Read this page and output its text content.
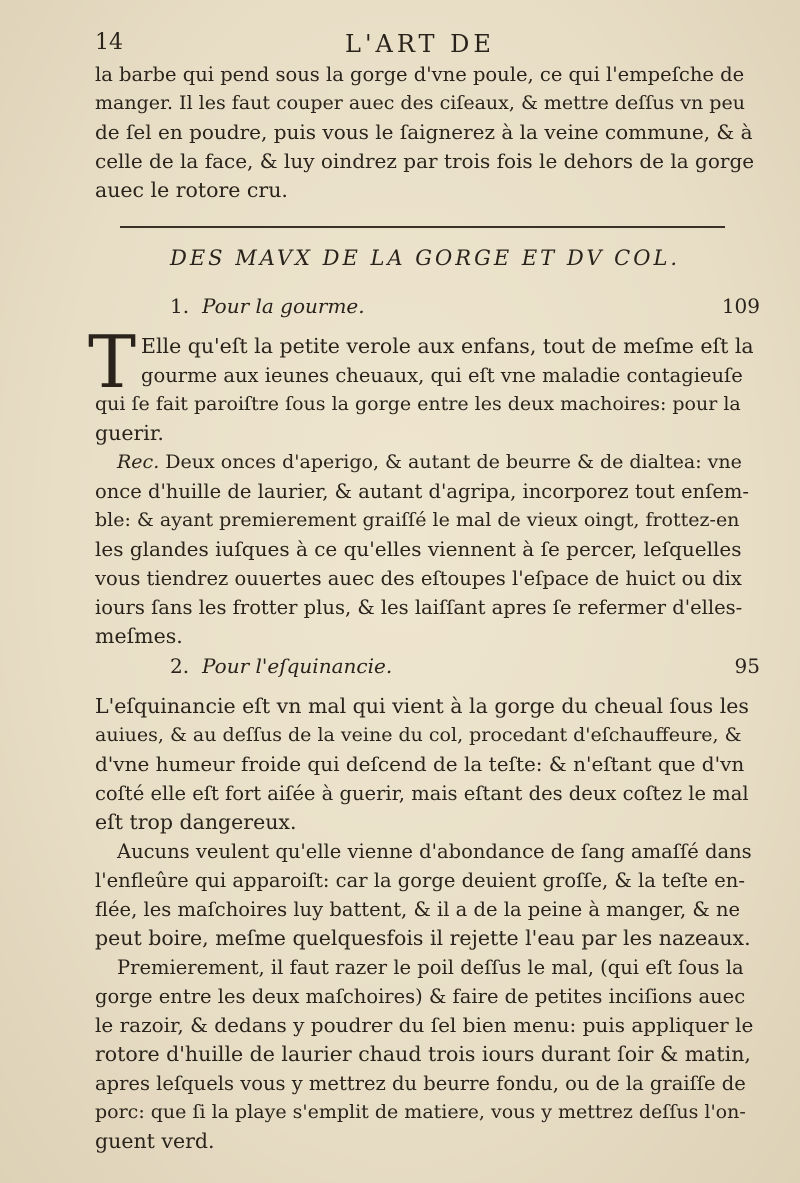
14	L'ART DE
la barbe qui pend sous la gorge d'vne poule, ce qui l'empeſche de
manger. Il les faut couper auec des ciſeaux, & mettre deſſus vn peu
de ſel en poudre, puis vous le ſaignerez à la veine commune, & à
celle de la face, & luy oindrez par trois fois le dehors de la gorge
auec le rotore cru.
DES MAVX DE LA GORGE ET DV COL.
1. Pour la gourme.	109
T Elle qu'eſt la petite verole aux enfans, tout de meſme eſt la
gourme aux ieunes cheuaux, qui eſt vne maladie contagieuſe
qui ſe fait paroiſtre ſous la gorge entre les deux machoires: pour la
guerir.
Rec. Deux onces d'aperigo, & autant de beurre & de dialtea: vne
once d'huille de laurier, & autant d'agripa, incorporez tout enſem-
ble: & ayant premierement graiſſé le mal de vieux oingt, frottez-en
les glandes iuſques à ce qu'elles viennent à ſe percer, leſquelles
vous tiendrez ouuertes auec des eſtoupes l'eſpace de huict ou dix
iours ſans les frotter plus, & les laiſſant apres ſe refermer d'elles-
meſmes.
2. Pour l'eſquinancie.	95
L'eſquinancie eſt vn mal qui vient à la gorge du cheual ſous les
auiues, & au deſſus de la veine du col, procedant d'eſchauffeure, &
d'vne humeur froide qui deſcend de la teſte: & n'eſtant que d'vn
coſté elle eſt fort aiſée à guerir, mais eſtant des deux coſtez le mal
eſt trop dangereux.
Aucuns veulent qu'elle vienne d'abondance de ſang amaſſé dans
l'enfleûre qui apparoiſt: car la gorge deuient groſſe, & la teſte en-
flée, les maſchoires luy battent, & il a de la peine à manger, & ne
peut boire, meſme quelquesfois il rejette l'eau par les nazeaux.
Premierement, il faut razer le poil deſſus le mal, (qui eſt ſous la
gorge entre les deux maſchoires) & faire de petites inciſions auec
le razoir, & dedans y poudrer du ſel bien menu: puis appliquer le
rotore d'huille de laurier chaud trois iours durant ſoir & matin,
apres leſquels vous y mettrez du beurre fondu, ou de la graiſſe de
porc: que ſi la playe s'emplit de matiere, vous y mettrez deſſus l'on-
guent verd.
